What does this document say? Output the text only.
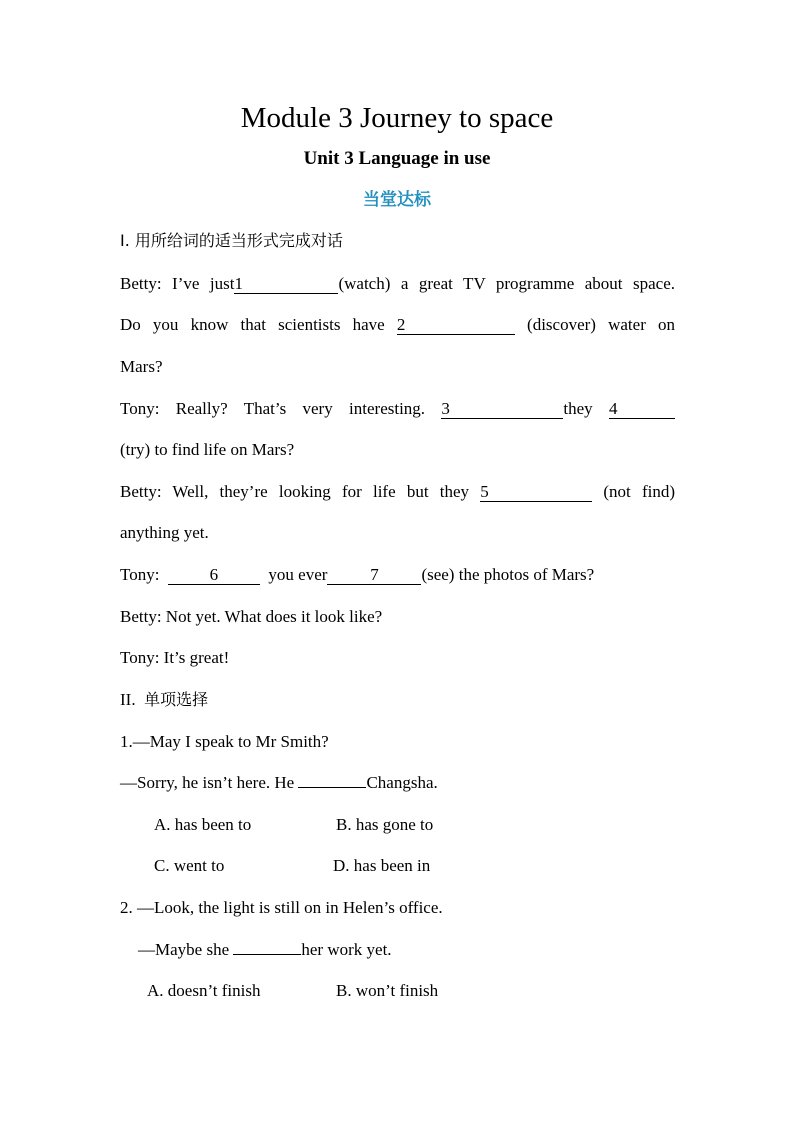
Module 3 Journey to space
Unit 3 Language in use
当堂达标
I. 用所给词的适当形式完成对话
Betty: I’ve just1	(watch) a great TV programme about space.
Do you know that scientists have 2	(discover) water on
Mars?
Tony: Really? That’s very interesting. 3	they 4
(try) to find life on Mars?
Betty: Well, they’re looking for life but they 5	(not find)
anything yet.
Tony:	6	you ever	7	(see) the photos of Mars?
Betty: Not yet. What does it look like?
Tony: It’s great!
II. 单项选择
1.—May I speak to Mr Smith?
—Sorry, he isn’t here. He	Changsha.
A. has been to	B. has gone to
C. went to	D. has been in
2. —Look, the light is still on in Helen’s office.
—Maybe she	her work yet.
A. doesn’t finish	B. won’t finish
